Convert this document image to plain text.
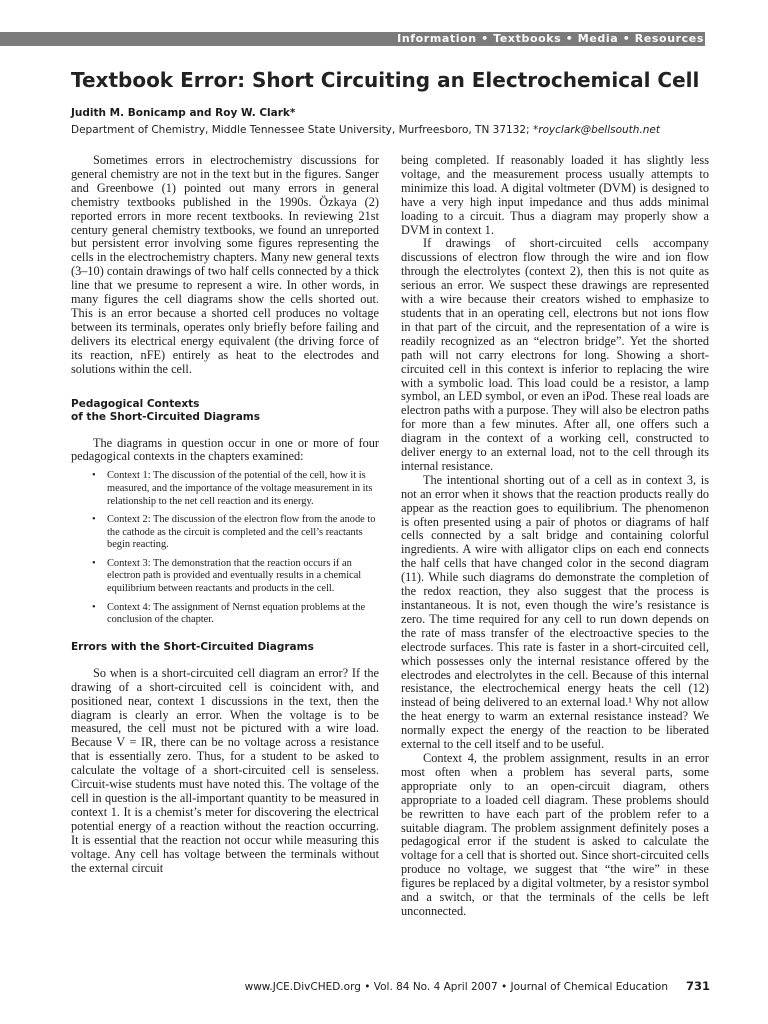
Information • Textbooks • Media • Resources
Textbook Error: Short Circuiting an Electrochemical Cell
Judith M. Bonicamp and Roy W. Clark*
Department of Chemistry, Middle Tennessee State University, Murfreesboro, TN 37132; *royclark@bellsouth.net

Sometimes errors in electrochemistry discussions for general chemistry are not in the text but in the figures. Sanger and Greenbowe (1) pointed out many errors in general chemistry textbooks published in the 1990s. Özkaya (2) reported errors in more recent textbooks. In reviewing 21st century general chemistry textbooks, we found an unreported but persistent error involving some figures representing the cells in the electrochemistry chapters. Many new general texts (3–10) contain drawings of two half cells connected by a thick line that we presume to represent a wire. In other words, in many figures the cell diagrams show the cells shorted out. This is an error because a shorted cell produces no voltage between its terminals, operates only briefly before failing and delivers its electrical energy equivalent (the driving force of its reaction, nFE) entirely as heat to the electrodes and solutions within the cell.

Pedagogical Contexts
of the Short-Circuited Diagrams

The diagrams in question occur in one or more of four pedagogical contexts in the chapters examined:

• Context 1: The discussion of the potential of the cell, how it is measured, and the importance of the voltage measurement in its relationship to the net cell reaction and its energy.
• Context 2: The discussion of the electron flow from the anode to the cathode as the circuit is completed and the cell’s reactants begin reacting.
• Context 3: The demonstration that the reaction occurs if an electron path is provided and eventually results in a chemical equilibrium between reactants and products in the cell.
• Context 4: The assignment of Nernst equation problems at the conclusion of the chapter.
Errors with the Short-Circuited Diagrams

So when is a short-circuited cell diagram an error? If the drawing of a short-circuited cell is coincident with, and positioned near, context 1 discussions in the text, then the diagram is clearly an error. When the voltage is to be measured, the cell must not be pictured with a wire load. Because V = IR, there can be no voltage across a resistance that is essentially zero. Thus, for a student to be asked to calculate the voltage of a short-circuited cell is senseless. Circuit-wise students must have noted this. The voltage of the cell in question is the all-important quantity to be measured in context 1. It is a chemist’s meter for discovering the electrical potential energy of a reaction without the reaction occurring. It is essential that the reaction not occur while measuring this voltage. Any cell has voltage between the terminals without the external circuit

being completed. If reasonably loaded it has slightly less voltage, and the measurement process usually attempts to minimize this load. A digital voltmeter (DVM) is designed to have a very high input impedance and thus adds minimal loading to a circuit. Thus a diagram may properly show a DVM in context 1.

If drawings of short-circuited cells accompany discussions of electron flow through the wire and ion flow through the electrolytes (context 2), then this is not quite as serious an error. We suspect these drawings are represented with a wire because their creators wished to emphasize to students that in an operating cell, electrons but not ions flow in that part of the circuit, and the representation of a wire is readily recognized as an “electron bridge”. Yet the shorted path will not carry electrons for long. Showing a short-circuited cell in this context is inferior to replacing the wire with a symbolic load. This load could be a resistor, a lamp symbol, an LED symbol, or even an iPod. These real loads are electron paths with a purpose. They will also be electron paths for more than a few minutes. After all, one offers such a diagram in the context of a working cell, constructed to deliver energy to an external load, not to the cell through its internal resistance.

The intentional shorting out of a cell as in context 3, is not an error when it shows that the reaction products really do appear as the reaction goes to equilibrium. The phenomenon is often presented using a pair of photos or diagrams of half cells connected by a salt bridge and containing colorful ingredients. A wire with alligator clips on each end connects the half cells that have changed color in the second diagram (11). While such diagrams do demonstrate the completion of the redox reaction, they also suggest that the process is instantaneous. It is not, even though the wire’s resistance is zero. The time required for any cell to run down depends on the rate of mass transfer of the electroactive species to the electrode surfaces. This rate is faster in a short-circuited cell, which possesses only the internal resistance offered by the electrodes and electrolytes in the cell. Because of this internal resistance, the electrochemical energy heats the cell (12) instead of being delivered to an external load.¹ Why not allow the heat energy to warm an external resistance instead? We normally expect the energy of the reaction to be liberated external to the cell itself and to be useful.

Context 4, the problem assignment, results in an error most often when a problem has several parts, some appropriate only to an open-circuit diagram, others appropriate to a loaded cell diagram. These problems should be rewritten to have each part of the problem refer to a suitable diagram. The problem assignment definitely poses a pedagogical error if the student is asked to calculate the voltage for a cell that is shorted out. Since short-circuited cells produce no voltage, we suggest that “the wire” in these figures be replaced by a digital voltmeter, by a resistor symbol and a switch, or that the terminals of the cells be left unconnected.

www.JCE.DivCHED.org • Vol. 84 No. 4 April 2007 • Journal of Chemical Education 731
